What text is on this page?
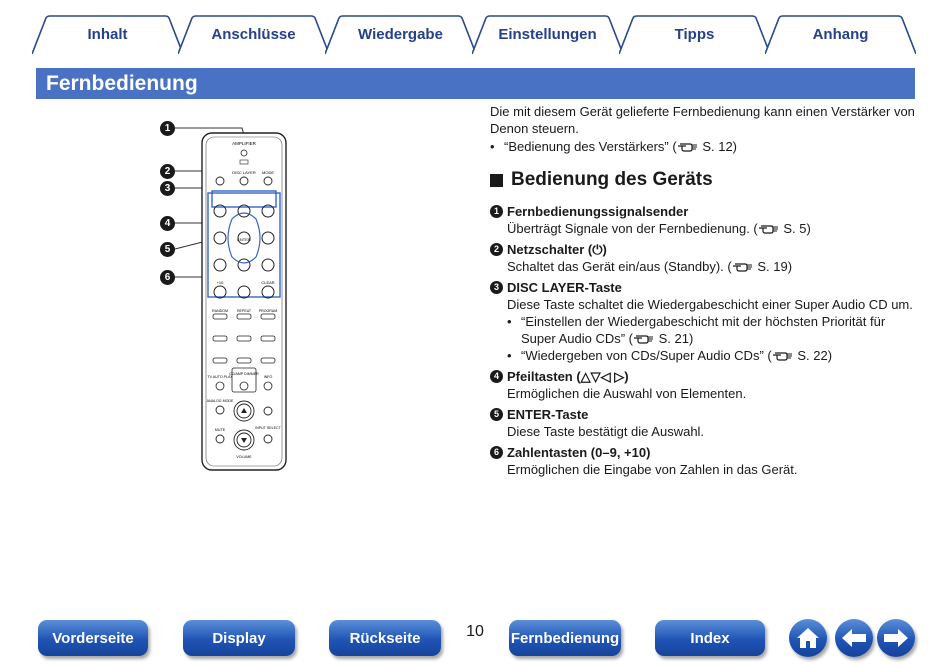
Inhalt	Anschlüsse	Wiedergabe	Einstellungen	Tipps	Anhang
Fernbedienung
AMPLIFIER
DISC LAYER MODE
ENTER
+10	CLEAR
RANDOM REPEAT PROGRAM
TV AUTO PLAY
CD/AMP DIMMER
INFO
ANALOG MODE
MUTE	INPUT SELECT
VOLUME
1
2
3
4
5
6

Die mit diesem Gerät gelieferte Fernbedienung kann einen Verstärker von Denon steuern.

• “Bedienung des Verstärkers” ( S. 12)
Bedienung des Geräts
1 Fernbedienungssignalsender
Überträgt Signale von der Fernbedienung. ( S. 5)
2 Netzschalter (⏻)
Schaltet das Gerät ein/aus (Standby). ( S. 19)
3 DISC LAYER-Taste
Diese Taste schaltet die Wiedergabeschicht einer Super Audio CD um.
• “Einstellen der Wiedergabeschicht mit der höchsten Priorität für Super Audio CDs” ( S. 21)
• “Wiedergeben von CDs/Super Audio CDs” ( S. 22)
4 Pfeiltasten (△▽◁ ▷)
Ermöglichen die Auswahl von Elementen.
5 ENTER-Taste
Diese Taste bestätigt die Auswahl.
6 Zahlentasten (0–9, +10)
Ermöglichen die Eingabe von Zahlen in das Gerät.
Vorderseite	Display	Rückseite	10	Fernbedienung	Index
